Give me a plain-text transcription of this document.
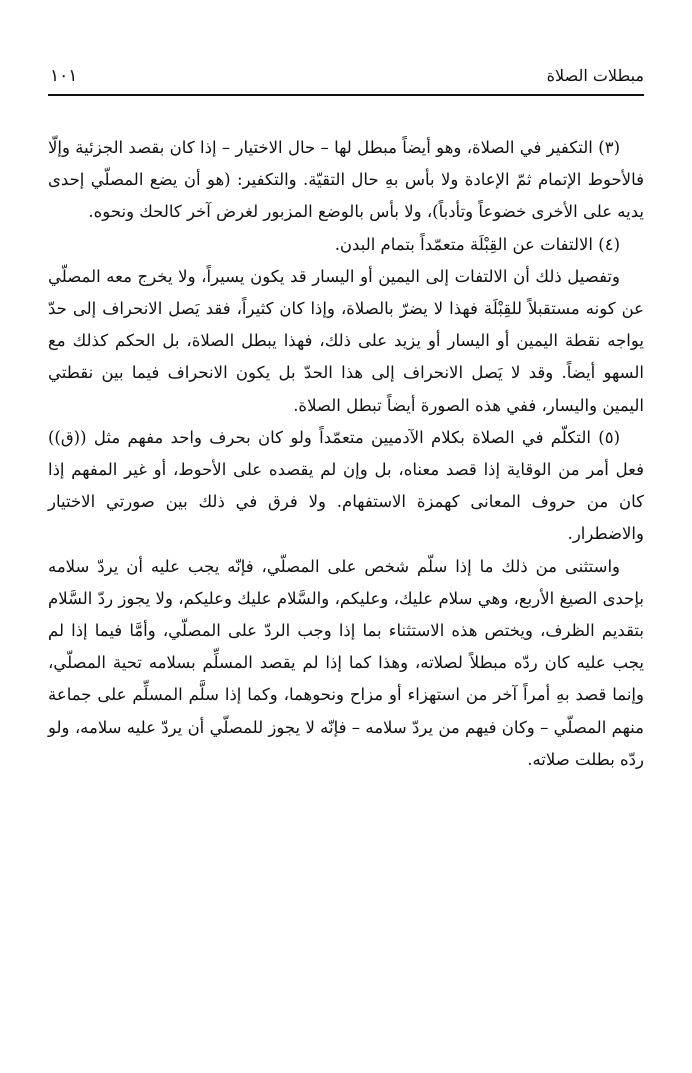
مبطلات الصلاة
١٠١

(٣) التكفير في الصلاة، وهو أيضاً مبطل لها – حال الاختيار – إذا كان بقصد الجزئية وإلّا فالأحوط الإتمام ثمّ الإعادة ولا بأس بهِ حال التقيّة. والتكفير: (هو أن يضع المصلّي إحدى يديه على الأخرى خضوعاً وتأدباً)، ولا بأس بالوضع المزبور لغرض آخر كالحك ونحوه.

(٤) الالتفات عن القِبْلَة متعمّداً بتمام البدن.

وتفصيل ذلك أن الالتفات إلى اليمين أو اليسار قد يكون يسيراً، ولا يخرج معه المصلّي عن كونه مستقبلاً للقِبْلَة فهذا لا يضرّ بالصلاة، وإذا كان كثيراً، فقد يَصل الانحراف إلى حدّ يواجه نقطة اليمين أو اليسار أو يزيد على ذلك، فهذا يبطل الصلاة، بل الحكم كذلك مع السهو أيضاً. وقد لا يَصل الانحراف إلى هذا الحدّ بل يكون الانحراف فيما بين نقطتي اليمين واليسار، ففي هذه الصورة أيضاً تبطل الصلاة.

(٥) التكلّم في الصلاة بكلام الآدميين متعمّداً ولو كان بحرف واحد مفهم مثل ((ق)) فعل أمر من الوقاية إذا قصد معناه، بل وإن لم يقصده على الأحوط، أو غير المفهم إذا كان من حروف المعانى كهمزة الاستفهام. ولا فرق في ذلك بين صورتي الاختيار والاضطرار.

واستثنى من ذلك ما إذا سلّم شخص على المصلّي، فإنّه يجب عليه أن يردّ سلامه بإحدى الصيغ الأربع، وهي سلام عليك، وعليكم، والسَّلام عليك وعليكم، ولا يجوز ردّ السَّلام بتقديم الظرف، ويختص هذه الاستثناء بما إذا وجب الردّ على المصلّي، وأمَّا فيما إذا لم يجب عليه كان ردّه مبطلاً لصلاته، وهذا كما إذا لم يقصد المسلِّم بسلامه تحية المصلّي، وإنما قصد بهِ أمراً آخر من استهزاء أو مزاح ونحوهما، وكما إذا سلَّم المسلِّم على جماعة منهم المصلّي – وكان فيهم من يردّ سلامه – فإنّه لا يجوز للمصلّي أن يردّ عليه سلامه، ولو ردّه بطلت صلاته.
